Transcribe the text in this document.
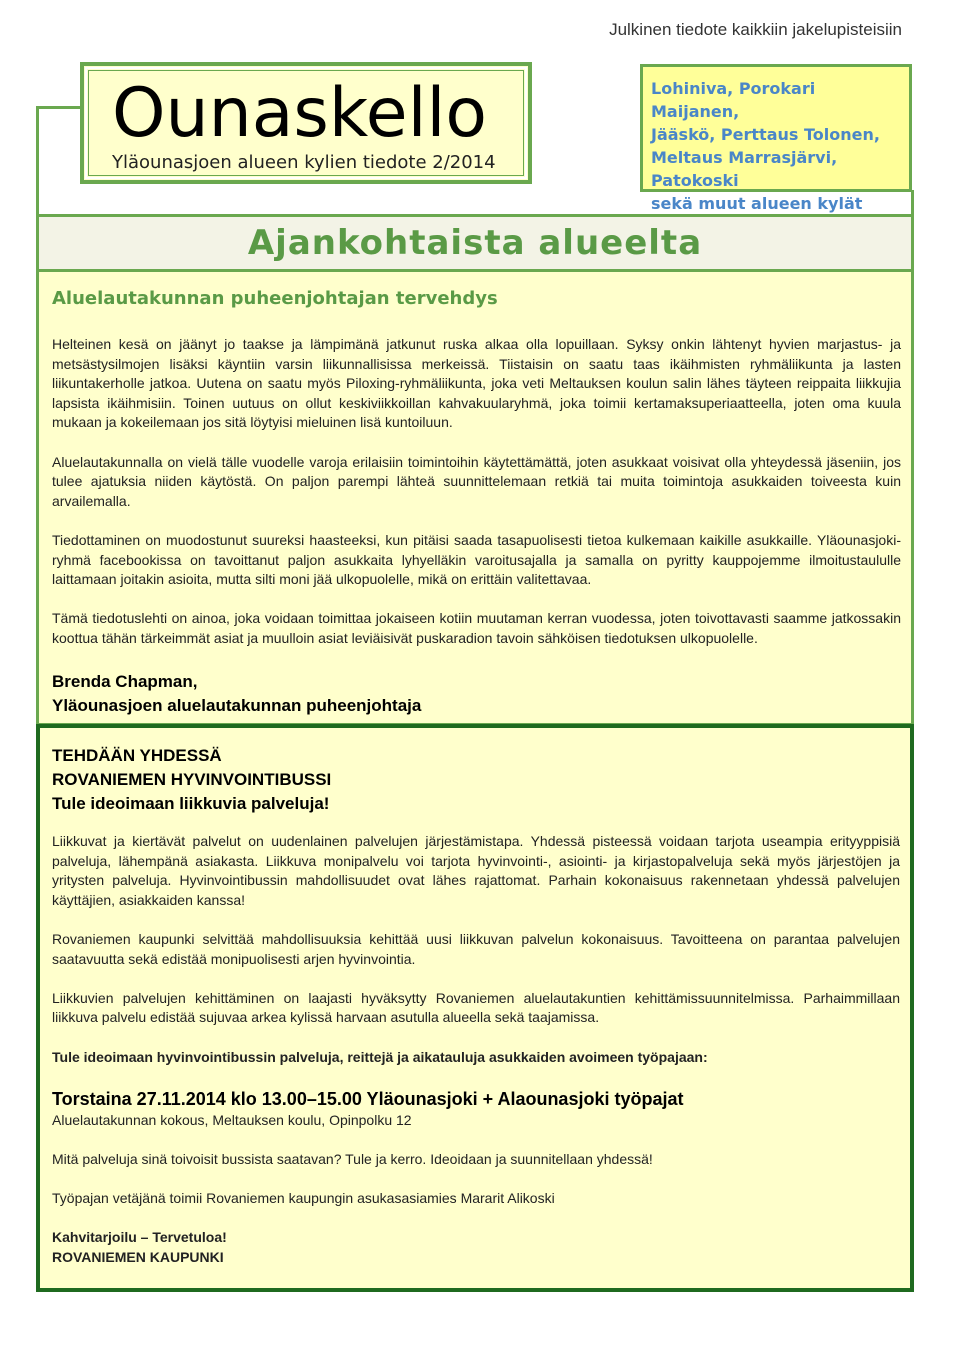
Julkinen tiedote kaikkiin jakelupisteisiin
Ounaskello
Yläounasjoen alueen kylien tiedote 2/2014
Lohiniva, Porokari Maijanen,
Jääskö, Perttaus Tolonen,
Meltaus Marrasjärvi, Patokoski
sekä muut alueen kylät
Ajankohtaista alueelta
Aluelautakunnan puheenjohtajan tervehdys

Helteinen kesä on jäänyt jo taakse ja lämpimänä jatkunut ruska alkaa olla lopuillaan. Syksy onkin lähtenyt hyvien marjastus- ja metsästysilmojen lisäksi käyntiin varsin liikunnallisissa merkeissä. Tiistaisin on saatu taas ikäihmisten ryhmäliikunta ja lasten liikuntakerholle jatkoa. Uutena on saatu myös Piloxing-ryhmäliikunta, joka veti Meltauksen koulun salin lähes täyteen reippaita liikkujia lapsista ikäihmisiin. Toinen uutuus on ollut keskiviikkoillan kahvakuularyhmä, joka toimii kertamaksuperiaatteella, joten oma kuula mukaan ja kokeilemaan jos sitä löytyisi mieluinen lisä kuntoiluun.

Aluelautakunnalla on vielä tälle vuodelle varoja erilaisiin toimintoihin käytettämättä, joten asukkaat voisivat olla yhteydessä jäseniin, jos tulee ajatuksia niiden käytöstä. On paljon parempi lähteä suunnittelemaan retkiä tai muita toimintoja asukkaiden toiveesta kuin arvailemalla.

Tiedottaminen on muodostunut suureksi haasteeksi, kun pitäisi saada tasapuolisesti tietoa kulkemaan kaikille asukkaille. Yläounasjoki-ryhmä facebookissa on tavoittanut paljon asukkaita lyhyelläkin varoitusajalla ja samalla on pyritty kauppojemme ilmoitustaululle laittamaan joitakin asioita, mutta silti moni jää ulkopuolelle, mikä on erittäin valitettavaa.

Tämä tiedotuslehti on ainoa, joka voidaan toimittaa jokaiseen kotiin muutaman kerran vuodessa, joten toivottavasti saamme jatkossakin koottua tähän tärkeimmät asiat ja muulloin asiat leviäisivät puskaradion tavoin sähköisen tiedotuksen ulkopuolelle.

Brenda Chapman,
Yläounasjoen aluelautakunnan puheenjohtaja
TEHDÄÄN YHDESSÄ
ROVANIEMEN HYVINVOINTIBUSSI
Tule ideoimaan liikkuvia palveluja!

Liikkuvat ja kiertävät palvelut on uudenlainen palvelujen järjestämistapa. Yhdessä pisteessä voidaan tarjota useampia erityyppisiä palveluja, lähempänä asiakasta. Liikkuva monipalvelu voi tarjota hyvinvointi-, asiointi- ja kirjastopalveluja sekä myös järjestöjen ja yritysten palveluja. Hyvinvointibussin mahdollisuudet ovat lähes rajattomat. Parhain kokonaisuus rakennetaan yhdessä palvelujen käyttäjien, asiakkaiden kanssa!

Rovaniemen kaupunki selvittää mahdollisuuksia kehittää uusi liikkuvan palvelun kokonaisuus. Tavoitteena on parantaa palvelujen saatavuutta sekä edistää monipuolisesti arjen hyvinvointia.

Liikkuvien palvelujen kehittäminen on laajasti hyväksytty Rovaniemen aluelautakuntien kehittämissuunnitelmissa. Parhaimmillaan liikkuva palvelu edistää sujuvaa arkea kylissä harvaan asutulla alueella sekä taajamissa.

Tule ideoimaan hyvinvointibussin palveluja, reittejä ja aikatauluja asukkaiden avoimeen työpajaan:

Torstaina 27.11.2014 klo 13.00–15.00 Yläounasjoki + Alaounasjoki työpajat

Aluelautakunnan kokous, Meltauksen koulu, Opinpolku 12

Mitä palveluja sinä toivoisit bussista saatavan? Tule ja kerro. Ideoidaan ja suunnitellaan yhdessä!

Työpajan vetäjänä toimii Rovaniemen kaupungin asukasasiamies Mararit Alikoski

Kahvitarjoilu – Tervetuloa!
ROVANIEMEN KAUPUNKI
